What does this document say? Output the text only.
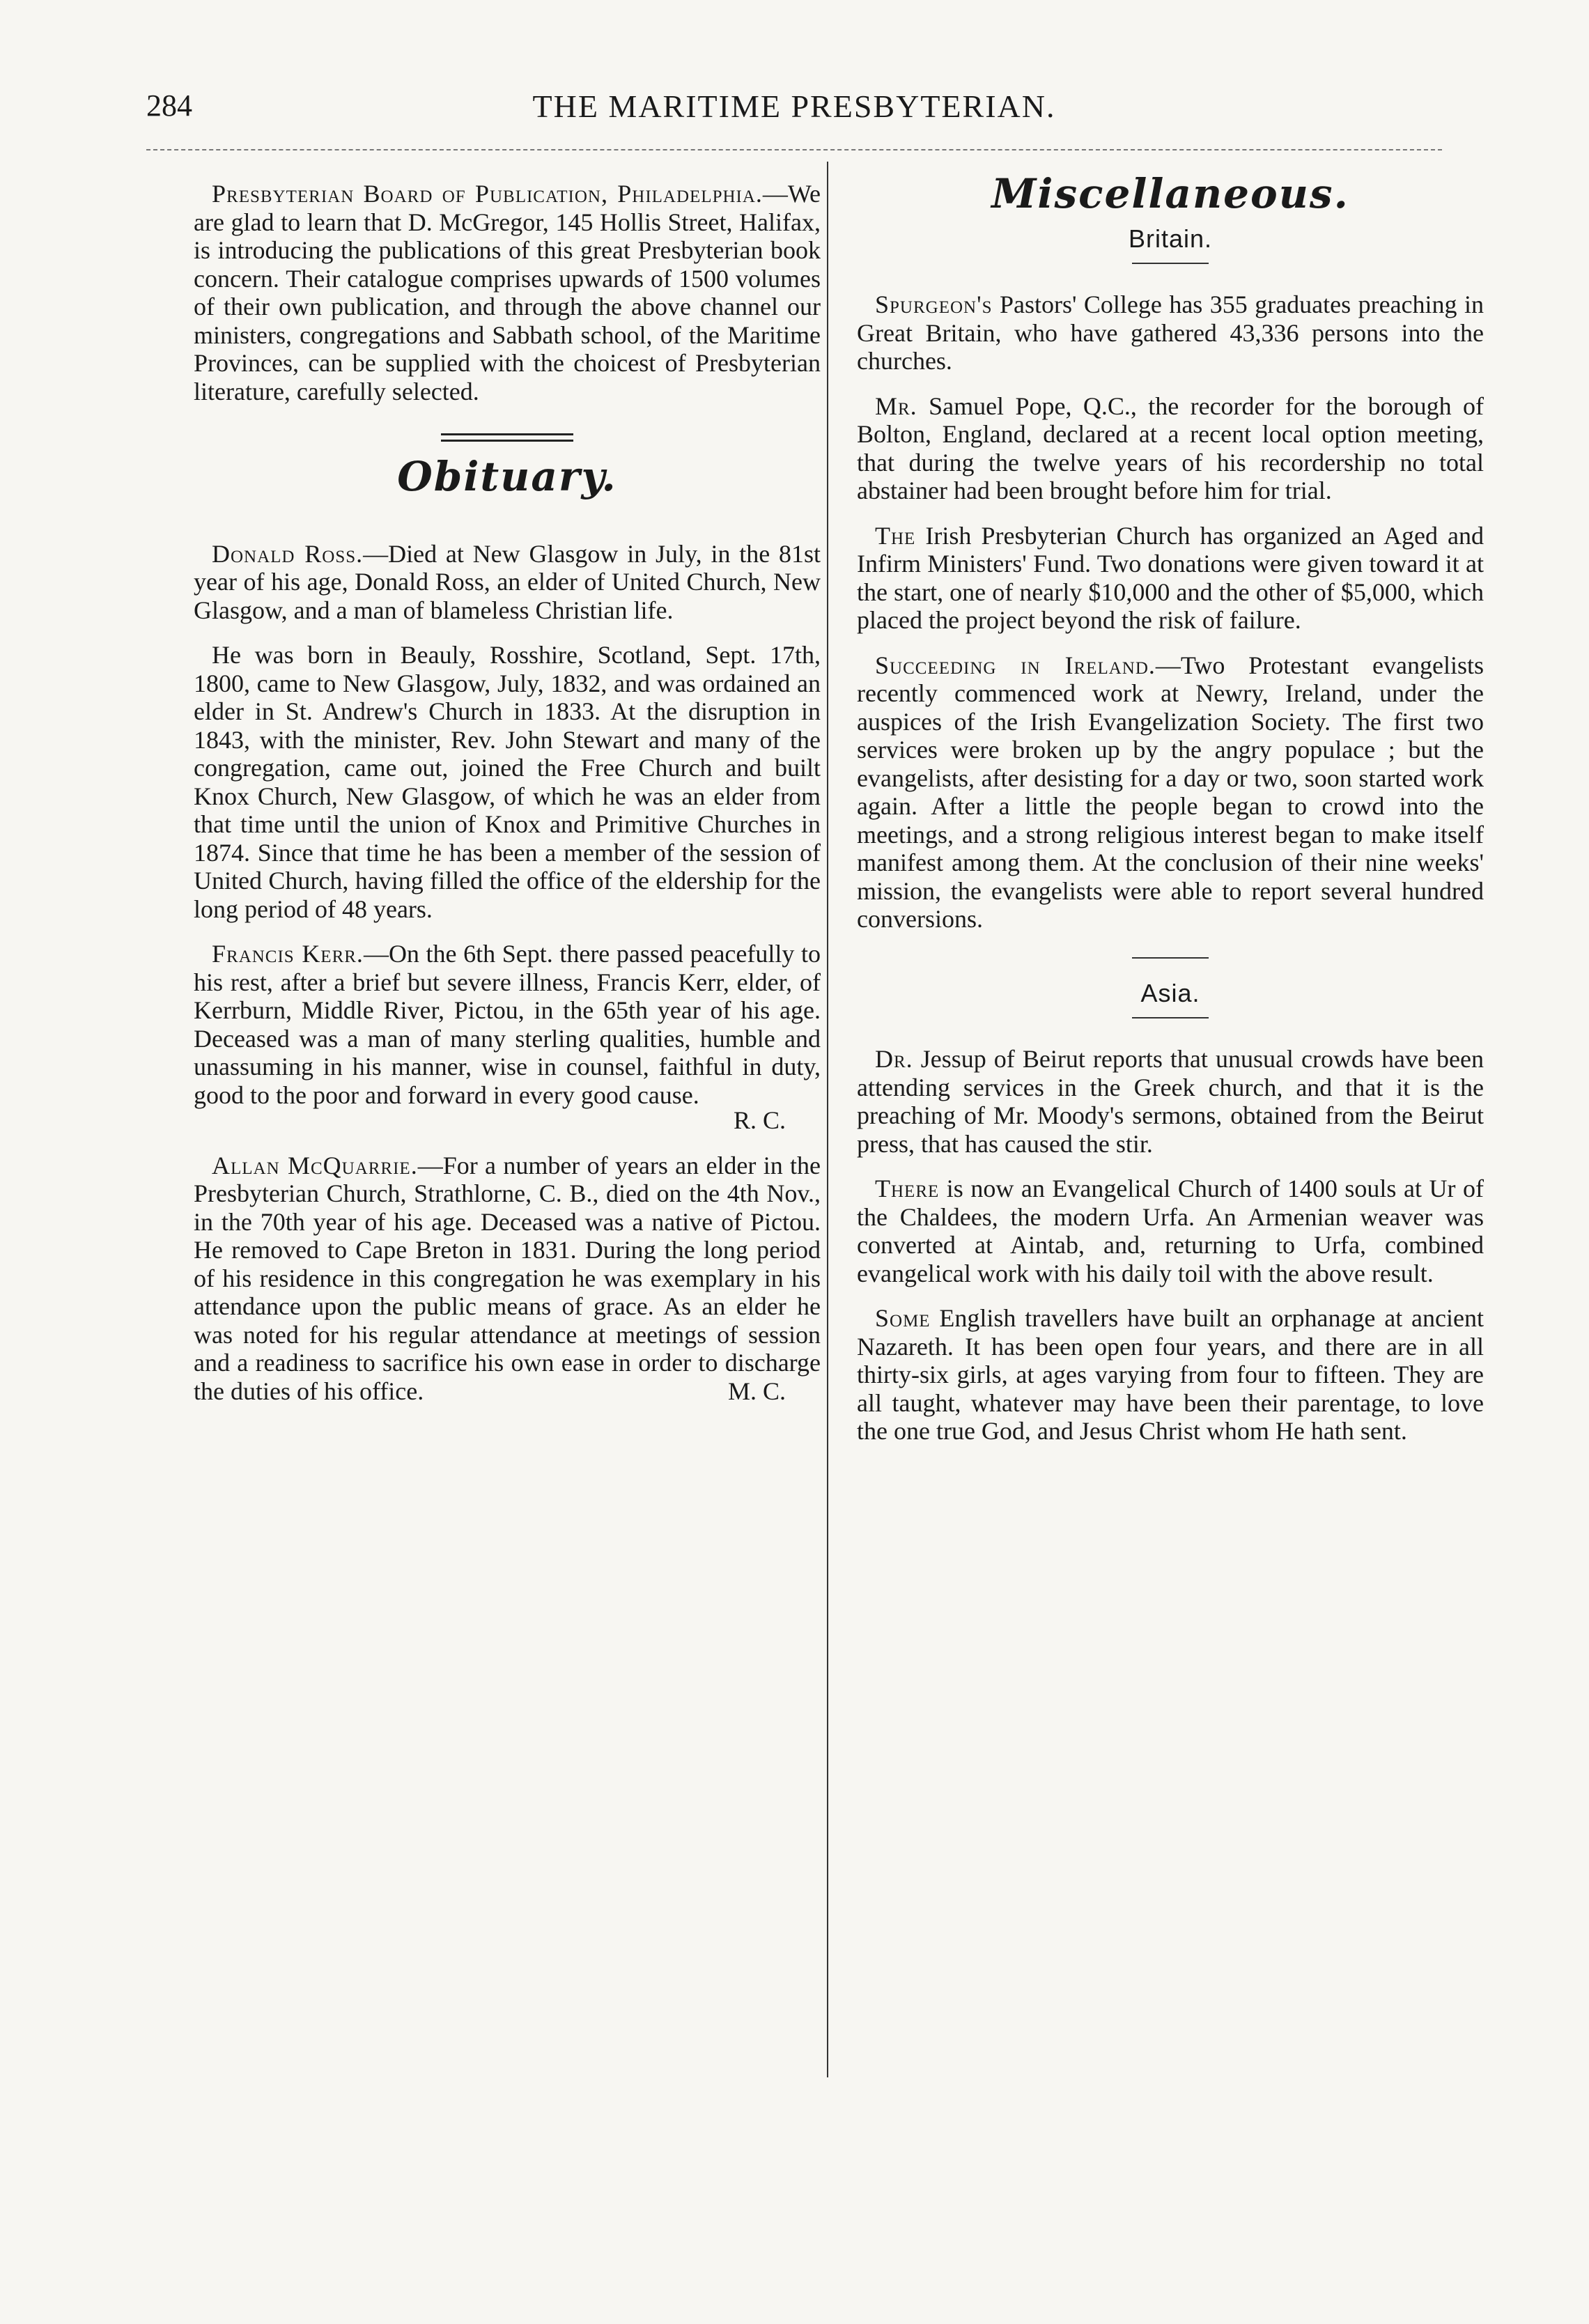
284	THE MARITIME PRESBYTERIAN.

Presbyterian Board of Publication, Philadelphia.—We are glad to learn that D. McGregor, 145 Hollis Street, Halifax, is introducing the publications of this great Presbyterian book concern. Their catalogue comprises upwards of 1500 volumes of their own publication, and through the above channel our ministers, congregations and Sabbath school, of the Maritime Provinces, can be supplied with the choicest of Presbyterian literature, carefully selected.

Obituary.

Donald Ross.—Died at New Glasgow in July, in the 81st year of his age, Donald Ross, an elder of United Church, New Glasgow, and a man of blameless Christian life.

He was born in Beauly, Rosshire, Scotland, Sept. 17th, 1800, came to New Glasgow, July, 1832, and was ordained an elder in St. Andrew's Church in 1833. At the disruption in 1843, with the minister, Rev. John Stewart and many of the congregation, came out, joined the Free Church and built Knox Church, New Glasgow, of which he was an elder from that time until the union of Knox and Primitive Churches in 1874. Since that time he has been a member of the session of United Church, having filled the office of the eldership for the long period of 48 years.

Francis Kerr.—On the 6th Sept. there passed peacefully to his rest, after a brief but severe illness, Francis Kerr, elder, of Kerrburn, Middle River, Pictou, in the 65th year of his age. Deceased was a man of many sterling qualities, humble and unassuming in his manner, wise in counsel, faithful in duty, good to the poor and forward in every good cause.

R. C.

Allan McQuarrie.—For a number of years an elder in the Presbyterian Church, Strathlorne, C. B., died on the 4th Nov., in the 70th year of his age. Deceased was a native of Pictou. He removed to Cape Breton in 1831. During the long period of his residence in this congregation he was exemplary in his attendance upon the public means of grace. As an elder he was noted for his regular attendance at meetings of session and a readiness to sacrifice his own ease in order to discharge the duties of his office.	M. C.

Miscellaneous.
Britain.

Spurgeon's Pastors' College has 355 graduates preaching in Great Britain, who have gathered 43,336 persons into the churches.

Mr. Samuel Pope, Q.C., the recorder for the borough of Bolton, England, declared at a recent local option meeting, that during the twelve years of his recordership no total abstainer had been brought before him for trial.

The Irish Presbyterian Church has organized an Aged and Infirm Ministers' Fund. Two donations were given toward it at the start, one of nearly $10,000 and the other of $5,000, which placed the project beyond the risk of failure.

Succeeding in Ireland.—Two Protestant evangelists recently commenced work at Newry, Ireland, under the auspices of the Irish Evangelization Society. The first two services were broken up by the angry populace ; but the evangelists, after desisting for a day or two, soon started work again. After a little the people began to crowd into the meetings, and a strong religious interest began to make itself manifest among them. At the conclusion of their nine weeks' mission, the evangelists were able to report several hundred conversions.

Asia.

Dr. Jessup of Beirut reports that unusual crowds have been attending services in the Greek church, and that it is the preaching of Mr. Moody's sermons, obtained from the Beirut press, that has caused the stir.

There is now an Evangelical Church of 1400 souls at Ur of the Chaldees, the modern Urfa. An Armenian weaver was converted at Aintab, and, returning to Urfa, combined evangelical work with his daily toil with the above result.

Some English travellers have built an orphanage at ancient Nazareth. It has been open four years, and there are in all thirty-six girls, at ages varying from four to fifteen. They are all taught, whatever may have been their parentage, to love the one true God, and Jesus Christ whom He hath sent.
